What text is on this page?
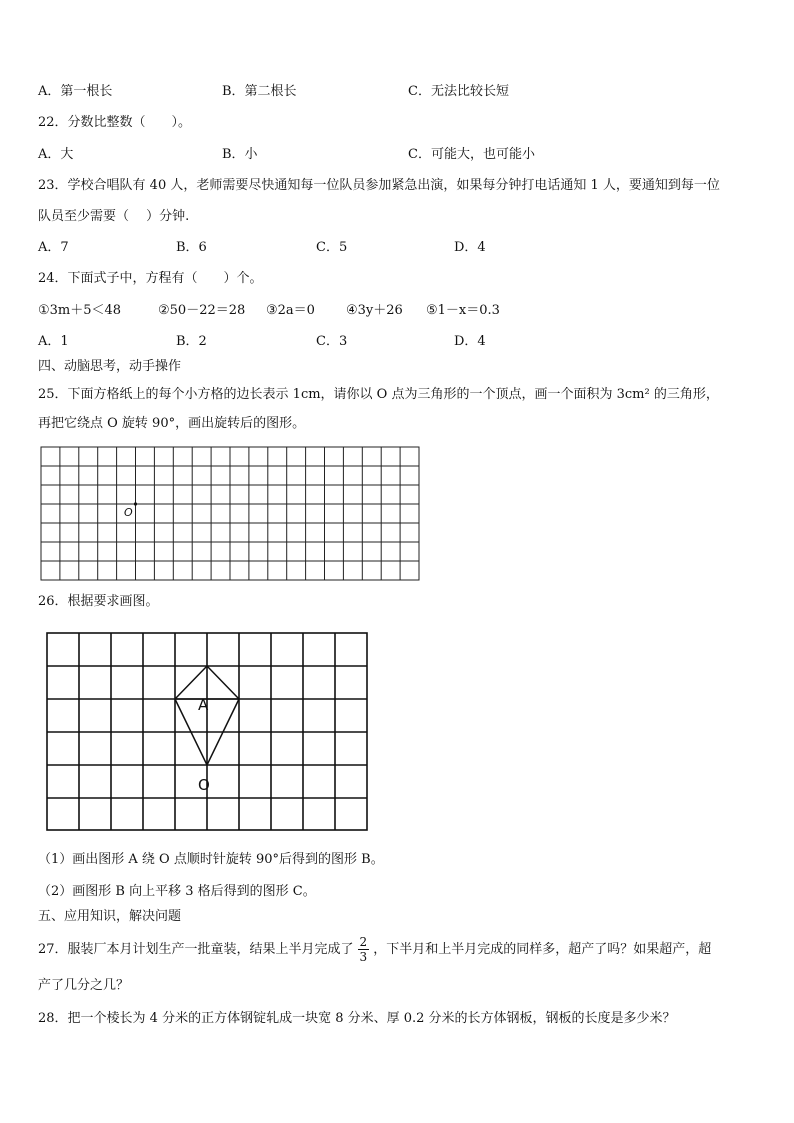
A．第一根长	B．第二根长	C．无法比较长短
22．分数比整数（　　）。
A．大	B．小	C．可能大，也可能小
23．学校合唱队有 40 人，老师需要尽快通知每一位队员参加紧急出演，如果每分钟打电话通知 1 人，要通知到每一位
队员至少需要（　 ）分钟.
A．7	B．6	C．5	D．4
24．下面式子中，方程有（　　）个。
①3m＋5＜48	②50－22＝28 ③2a＝0 ④3y＋26 ⑤1－x＝0.3
A．1	B．2	C．3	D．4
四、动脑思考，动手操作
25．下面方格纸上的每个小方格的边长表示 1cm，请你以 O 点为三角形的一个顶点，画一个面积为 3cm² 的三角形，
再把它绕点 O 旋转 90°，画出旋转后的图形。
O
26．根据要求画图。
A
O
（1）画出图形 A 绕 O 点顺时针旋转 90°后得到的图形 B。
（2）画图形 B 向上平移 3 格后得到的图形 C。
五、应用知识，解决问题
27．服装厂本月计划生产一批童装，结果上半月完成了 $\frac{2}{3}$ ，下半月和上半月完成的同样多，超产了吗？如果超产，超
产了几分之几？
28．把一个棱长为 4 分米的正方体钢锭轧成一块宽 8 分米、厚 0.2 分米的长方体钢板，钢板的长度是多少米？
